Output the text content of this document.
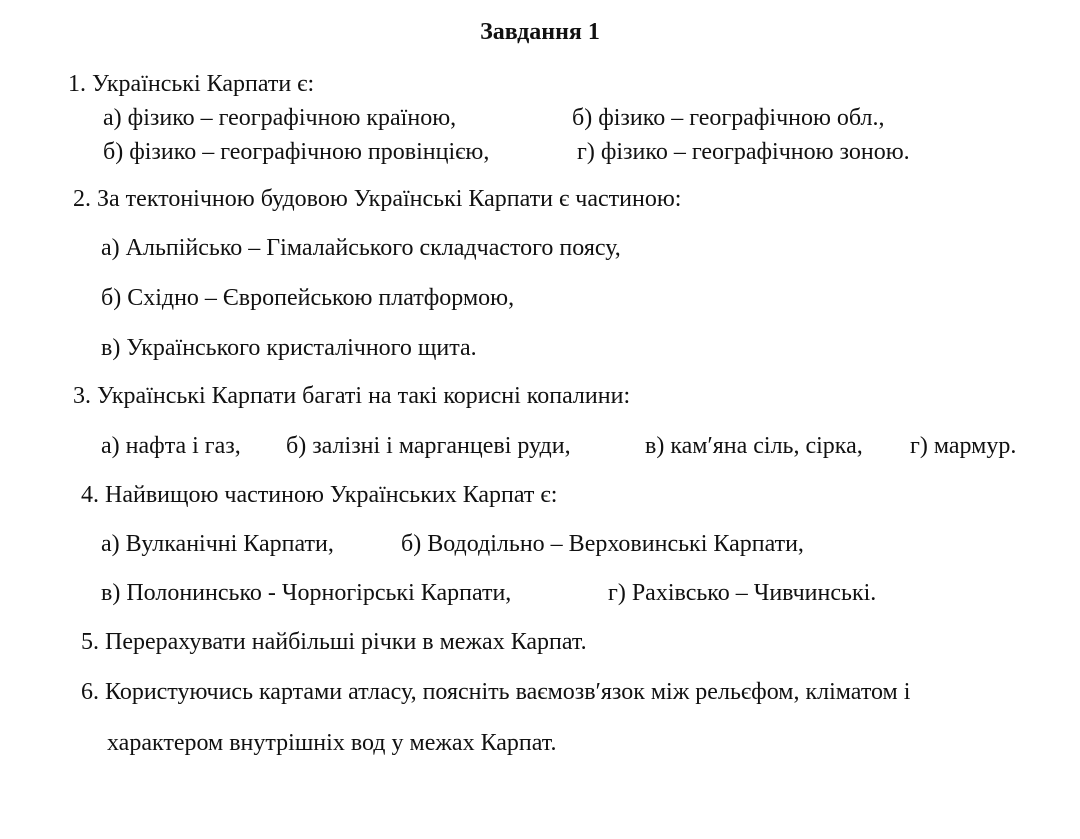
Завдання 1
1. Українські Карпати є:
а) фізико – географічною країною,	б) фізико – географічною обл.,
б) фізико – географічною провінцією,	г) фізико – географічною зоною.
2. За тектонічною будовою Українські Карпати є частиною:
а) Альпійсько – Гімалайського складчастого поясу,
б) Східно – Європейською платформою,
в) Українського кристалічного щита.
3. Українські Карпати багаті на такі корисні копалини:
а) нафта і газ, б) залізні і марганцеві руди,	в) кам′яна сіль, сірка, г) мармур.
4. Найвищою частиною Українських Карпат є:
а) Вулканічні Карпати,	б) Вододільно – Верховинські Карпати,
в) Полонинсько - Чорногірські Карпати,	г) Рахівсько – Чивчинські.
5. Перерахувати найбільші річки в межах Карпат.
6. Користуючись картами атласу, поясніть ваємозв′язок між рельєфом, кліматом і
характером внутрішніх вод у межах Карпат.
